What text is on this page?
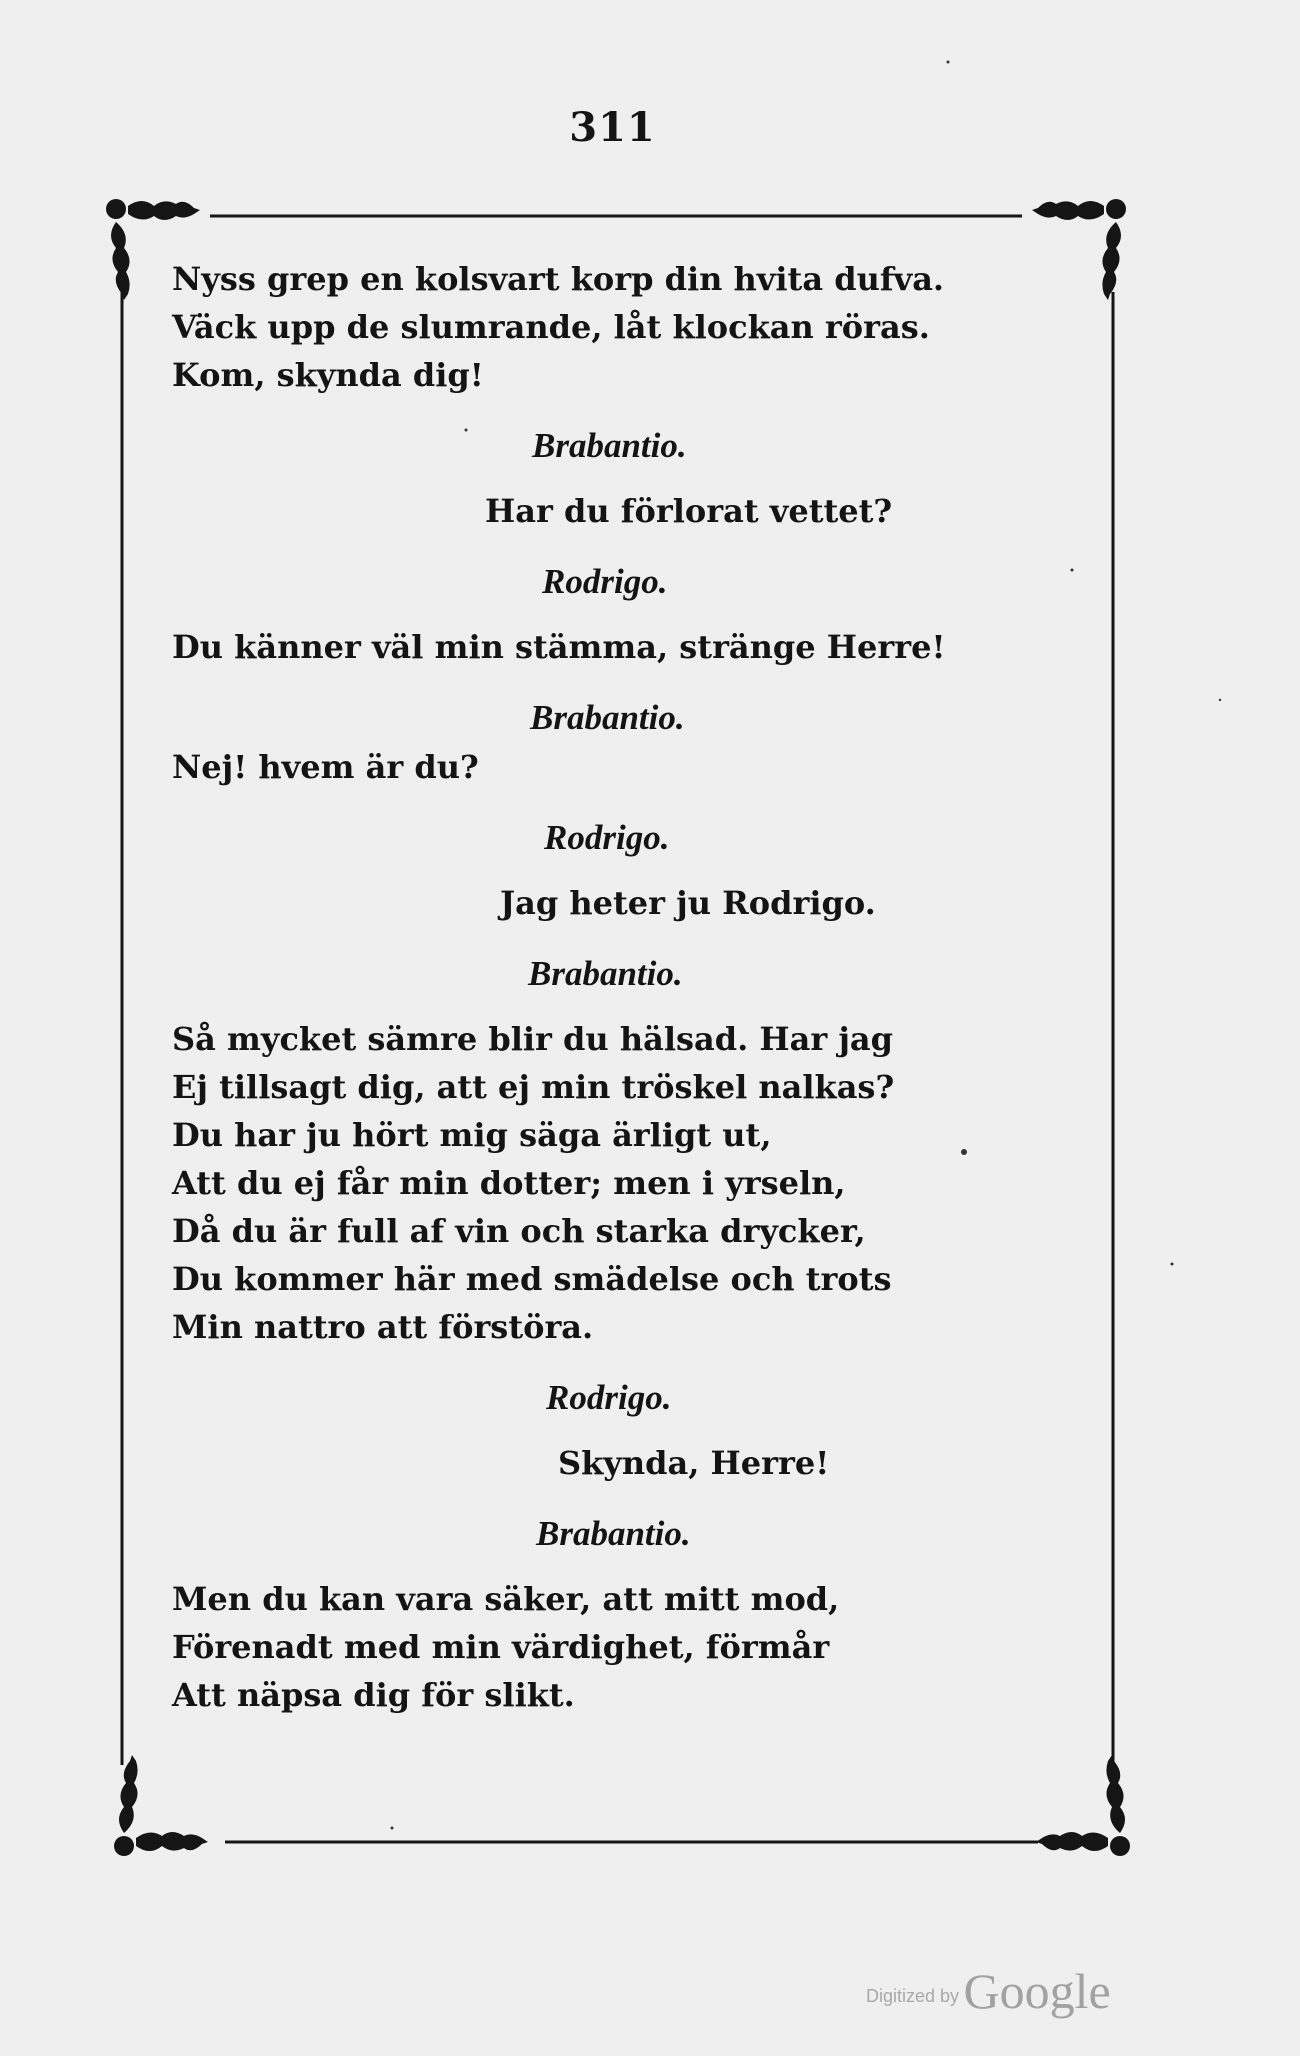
311
Nyss grep en kolsvart korp din hvita dufva.
Väck upp de slumrande, låt klockan röras.
Kom, skynda dig!
Brabantio.
Har du förlorat vettet?
Rodrigo.
Du känner väl min stämma, stränge Herre!
Brabantio.
Nej! hvem är du?
Rodrigo.
Jag heter ju Rodrigo.
Brabantio.
Så mycket sämre blir du hälsad. Har jag
Ej tillsagt dig, att ej min tröskel nalkas?
Du har ju hört mig säga ärligt ut,
Att du ej får min dotter; men i yrseln,
Då du är full af vin och starka drycker,
Du kommer här med smädelse och trots
Min nattro att förstöra.
Rodrigo.
Skynda, Herre!
Brabantio.
Men du kan vara säker, att mitt mod,
Förenadt med min värdighet, förmår
Att näpsa dig för slikt.
Digitized by Google
